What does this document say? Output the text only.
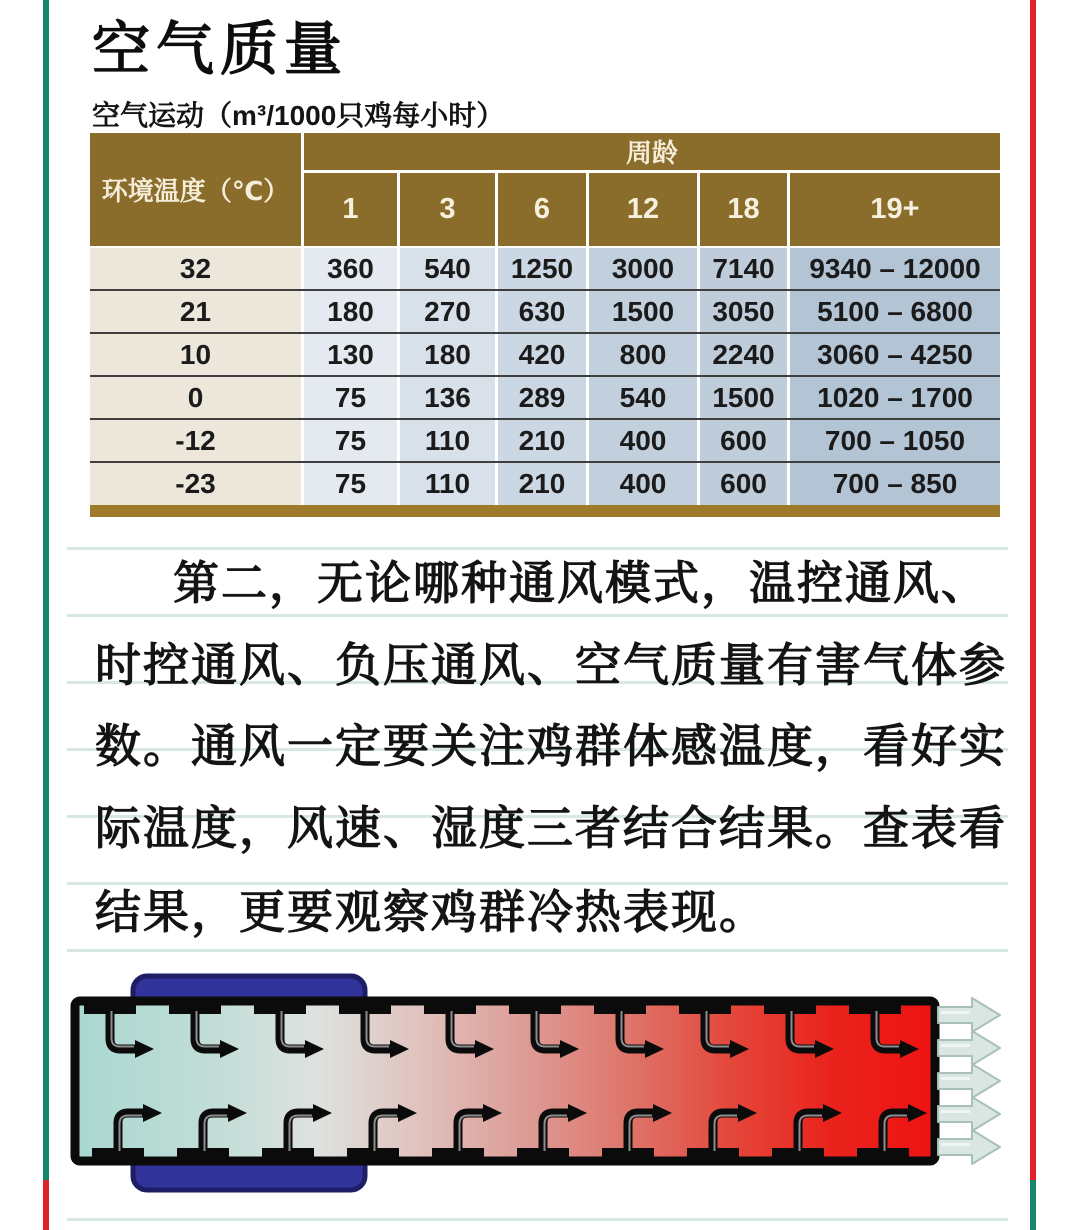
空气质量
空气运动（m³/1000只鸡每小时）
环境温度（℃）
周龄
1	3	6	12	18	19+
32	360	540	1250	3000	7140	9340 – 12000
21	180	270	630	1500	3050	5100 – 6800
10	130	180	420	800	2240	3060 – 4250
0	75	136	289	540	1500	1020 – 1700
-12	75	110	210	400	600	700 – 1050
-23	75	110	210	400	600	700 – 850
第二，无论哪种通风模式，温控通风、
时控通风、负压通风、空气质量有害气体参
数。通风一定要关注鸡群体感温度，看好实
际温度，风速、湿度三者结合结果。查表看
结果，更要观察鸡群冷热表现。
